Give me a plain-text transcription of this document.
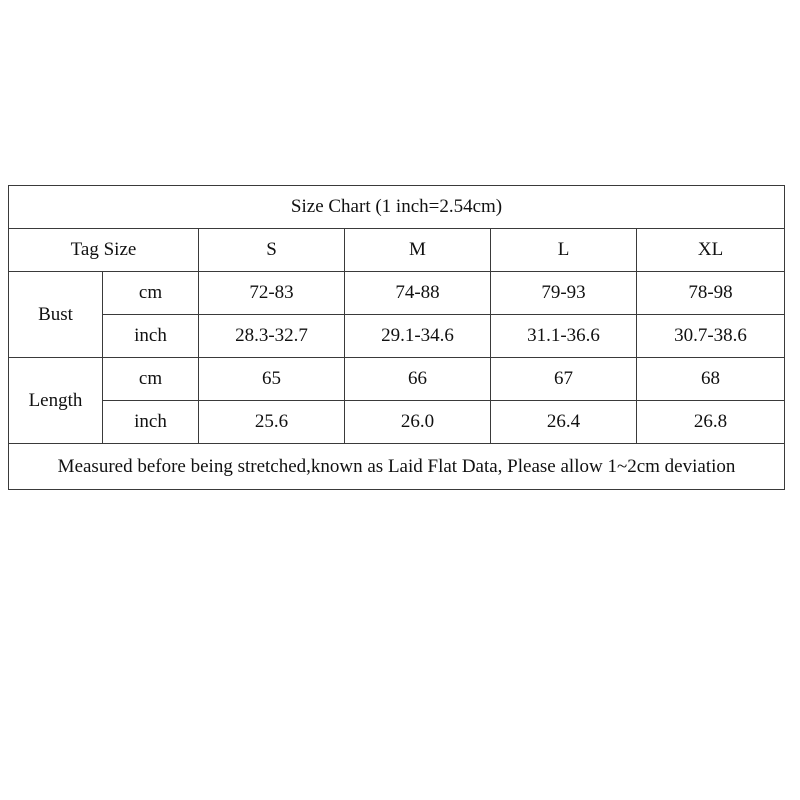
Size Chart (1 inch=2.54cm)					
Tag Size		S	M	L	XL
Bust	cm	72-83	74-88	79-93	78-98
	inch	28.3-32.7	29.1-34.6	31.1-36.6	30.7-38.6
Length	cm	65	66	67	68
	inch	25.6	26.0	26.4	26.8
Measured before being stretched,known as Laid Flat Data, Please allow 1~2cm deviation					
